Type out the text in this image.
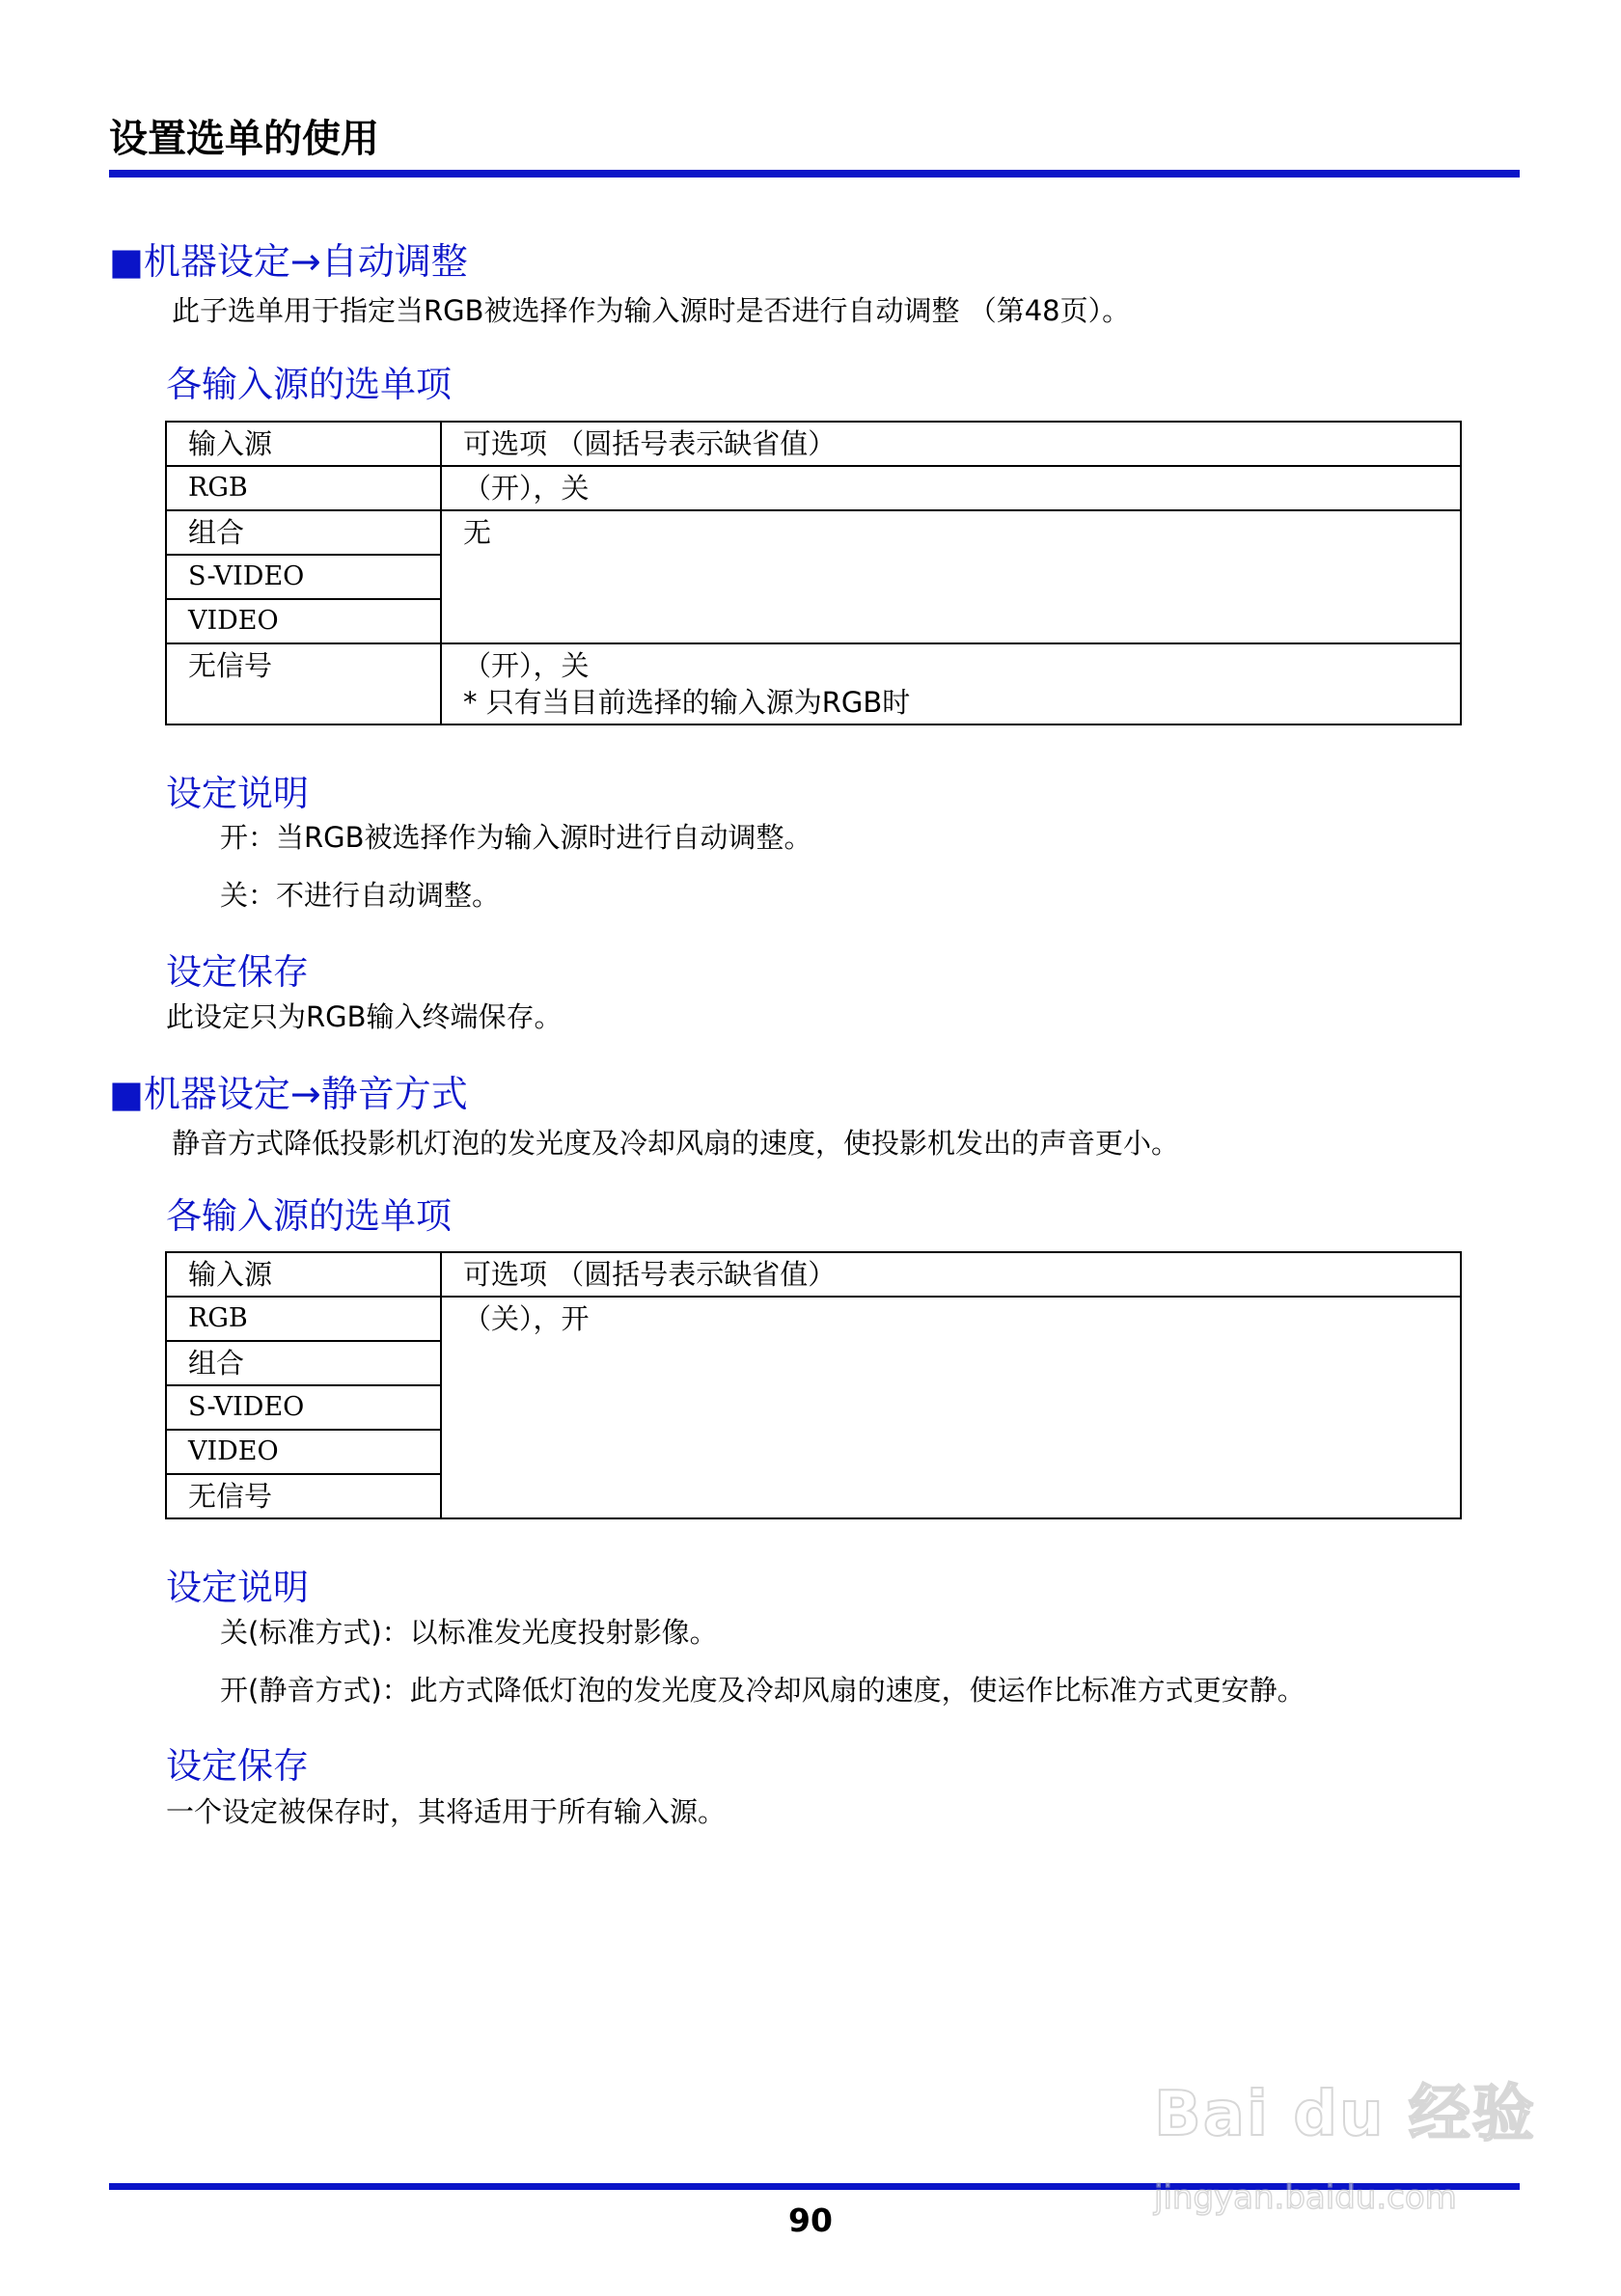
设置选单的使用
■机器设定→自动调整
此子选单用于指定当RGB被选择作为输入源时是否进行自动调整 （第48页）。
各输入源的选单项
输入源	可选项 （圆括号表示缺省值）
RGB	（开），关
组合	无
S-VIDEO	
VIDEO	
无信号	（开），关
* 只有当目前选择的输入源为RGB时
设定说明
开：当RGB被选择作为输入源时进行自动调整。
关：不进行自动调整。
设定保存
此设定只为RGB输入终端保存。
■机器设定→静音方式
静音方式降低投影机灯泡的发光度及冷却风扇的速度，使投影机发出的声音更小。
各输入源的选单项
输入源	可选项 （圆括号表示缺省值）
RGB	（关），开
组合	
S-VIDEO	
VIDEO	
无信号	
设定说明
关(标准方式)：以标准发光度投射影像。
开(静音方式)：此方式降低灯泡的发光度及冷却风扇的速度，使运作比标准方式更安静。
设定保存
一个设定被保存时，其将适用于所有输入源。
90
Bai du 经验
jingyan.baidu.com
